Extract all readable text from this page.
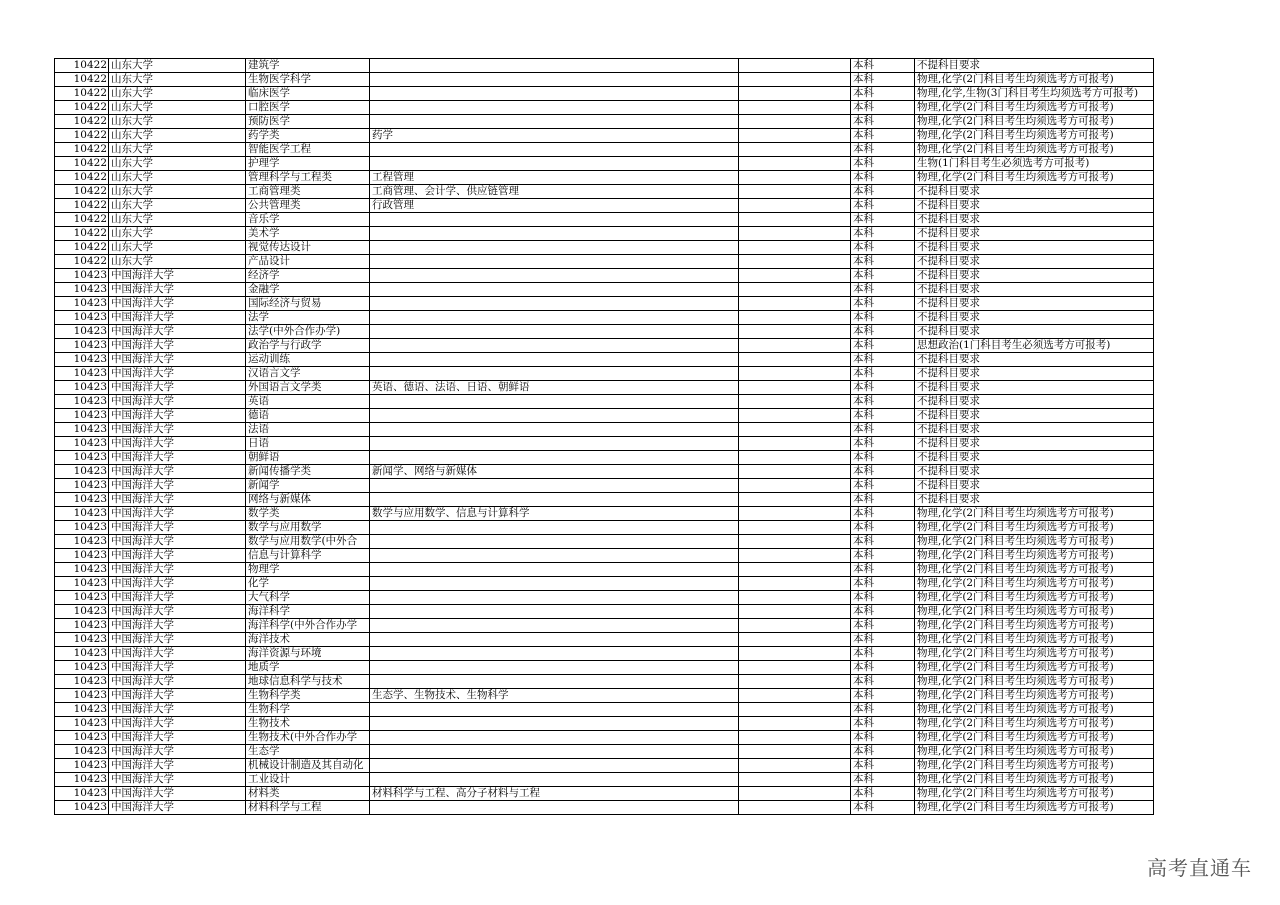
10422	山东大学	建筑学			本科	不提科目要求
10422	山东大学	生物医学科学			本科	物理,化学(2门科目考生均须选考方可报考)
10422	山东大学	临床医学			本科	物理,化学,生物(3门科目考生均须选考方可报考)
10422	山东大学	口腔医学			本科	物理,化学(2门科目考生均须选考方可报考)
10422	山东大学	预防医学			本科	物理,化学(2门科目考生均须选考方可报考)
10422	山东大学	药学类	药学		本科	物理,化学(2门科目考生均须选考方可报考)
10422	山东大学	智能医学工程			本科	物理,化学(2门科目考生均须选考方可报考)
10422	山东大学	护理学			本科	生物(1门科目考生必须选考方可报考)
10422	山东大学	管理科学与工程类	工程管理		本科	物理,化学(2门科目考生均须选考方可报考)
10422	山东大学	工商管理类	工商管理、会计学、供应链管理		本科	不提科目要求
10422	山东大学	公共管理类	行政管理		本科	不提科目要求
10422	山东大学	音乐学			本科	不提科目要求
10422	山东大学	美术学			本科	不提科目要求
10422	山东大学	视觉传达设计			本科	不提科目要求
10422	山东大学	产品设计			本科	不提科目要求
10423	中国海洋大学	经济学			本科	不提科目要求
10423	中国海洋大学	金融学			本科	不提科目要求
10423	中国海洋大学	国际经济与贸易			本科	不提科目要求
10423	中国海洋大学	法学			本科	不提科目要求
10423	中国海洋大学	法学(中外合作办学)			本科	不提科目要求
10423	中国海洋大学	政治学与行政学			本科	思想政治(1门科目考生必须选考方可报考)
10423	中国海洋大学	运动训练			本科	不提科目要求
10423	中国海洋大学	汉语言文学			本科	不提科目要求
10423	中国海洋大学	外国语言文学类	英语、德语、法语、日语、朝鲜语		本科	不提科目要求
10423	中国海洋大学	英语			本科	不提科目要求
10423	中国海洋大学	德语			本科	不提科目要求
10423	中国海洋大学	法语			本科	不提科目要求
10423	中国海洋大学	日语			本科	不提科目要求
10423	中国海洋大学	朝鲜语			本科	不提科目要求
10423	中国海洋大学	新闻传播学类	新闻学、网络与新媒体		本科	不提科目要求
10423	中国海洋大学	新闻学			本科	不提科目要求
10423	中国海洋大学	网络与新媒体			本科	不提科目要求
10423	中国海洋大学	数学类	数学与应用数学、信息与计算科学		本科	物理,化学(2门科目考生均须选考方可报考)
10423	中国海洋大学	数学与应用数学			本科	物理,化学(2门科目考生均须选考方可报考)
10423	中国海洋大学	数学与应用数学(中外合			本科	物理,化学(2门科目考生均须选考方可报考)
10423	中国海洋大学	信息与计算科学			本科	物理,化学(2门科目考生均须选考方可报考)
10423	中国海洋大学	物理学			本科	物理,化学(2门科目考生均须选考方可报考)
10423	中国海洋大学	化学			本科	物理,化学(2门科目考生均须选考方可报考)
10423	中国海洋大学	大气科学			本科	物理,化学(2门科目考生均须选考方可报考)
10423	中国海洋大学	海洋科学			本科	物理,化学(2门科目考生均须选考方可报考)
10423	中国海洋大学	海洋科学(中外合作办学			本科	物理,化学(2门科目考生均须选考方可报考)
10423	中国海洋大学	海洋技术			本科	物理,化学(2门科目考生均须选考方可报考)
10423	中国海洋大学	海洋资源与环境			本科	物理,化学(2门科目考生均须选考方可报考)
10423	中国海洋大学	地质学			本科	物理,化学(2门科目考生均须选考方可报考)
10423	中国海洋大学	地球信息科学与技术			本科	物理,化学(2门科目考生均须选考方可报考)
10423	中国海洋大学	生物科学类	生态学、生物技术、生物科学		本科	物理,化学(2门科目考生均须选考方可报考)
10423	中国海洋大学	生物科学			本科	物理,化学(2门科目考生均须选考方可报考)
10423	中国海洋大学	生物技术			本科	物理,化学(2门科目考生均须选考方可报考)
10423	中国海洋大学	生物技术(中外合作办学			本科	物理,化学(2门科目考生均须选考方可报考)
10423	中国海洋大学	生态学			本科	物理,化学(2门科目考生均须选考方可报考)
10423	中国海洋大学	机械设计制造及其自动化			本科	物理,化学(2门科目考生均须选考方可报考)
10423	中国海洋大学	工业设计			本科	物理,化学(2门科目考生均须选考方可报考)
10423	中国海洋大学	材料类	材料科学与工程、高分子材料与工程		本科	物理,化学(2门科目考生均须选考方可报考)
10423	中国海洋大学	材料科学与工程			本科	物理,化学(2门科目考生均须选考方可报考)
高考直通车
